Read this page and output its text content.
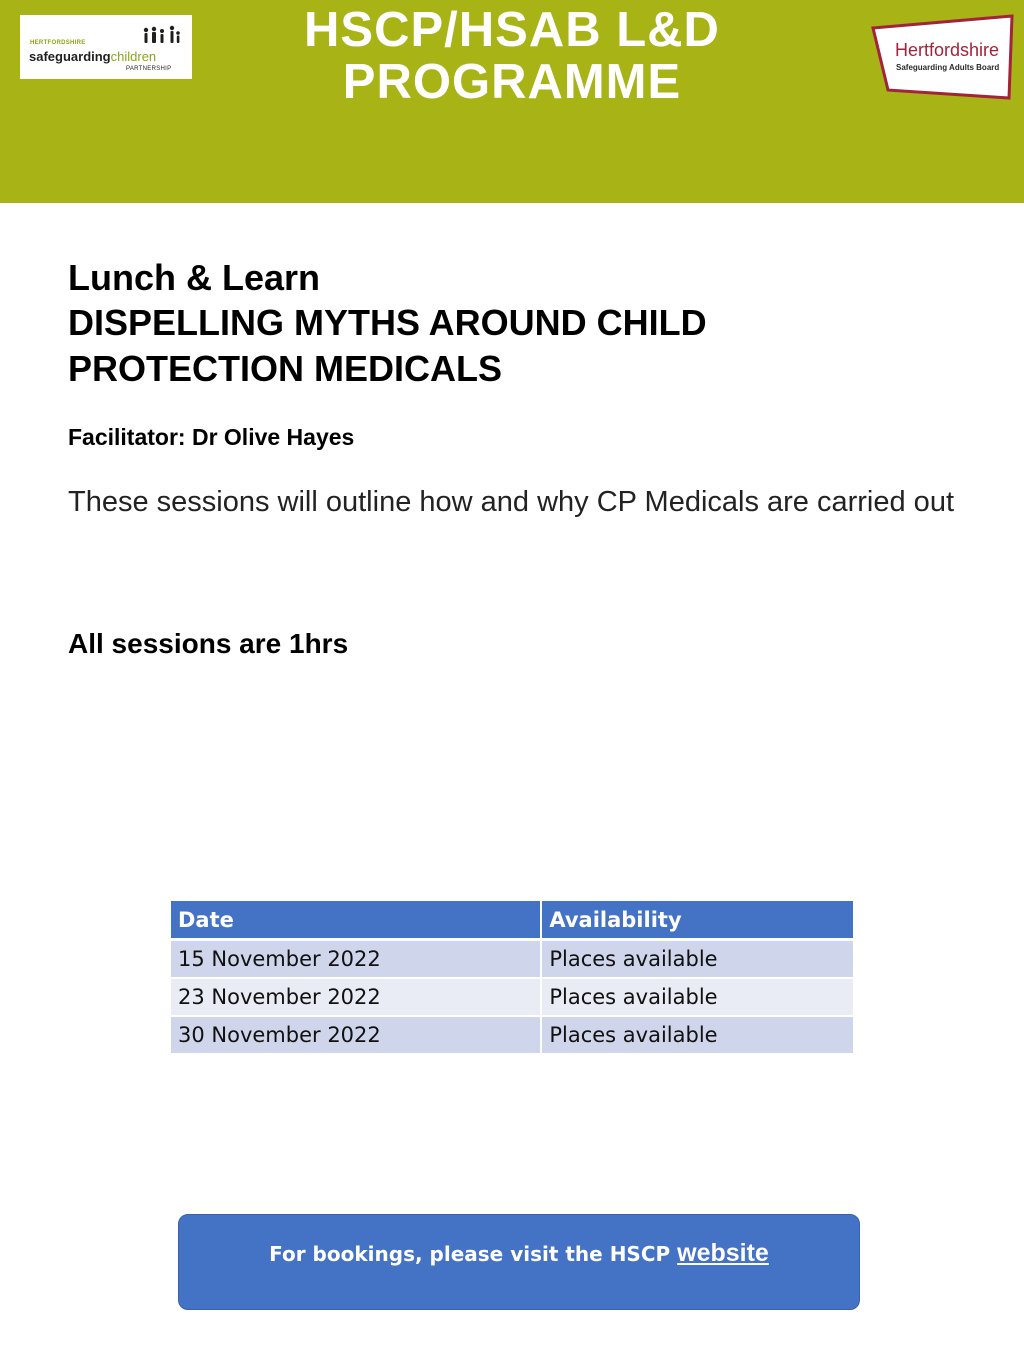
HERTFORDSHIRE
safeguardingchildren
PARTNERSHIP
HSCP/HSAB L&D
PROGRAMME
Hertfordshire
Safeguarding Adults Board

Lunch & Learn

DISPELLING MYTHS AROUND CHILD PROTECTION MEDICALS

Facilitator: Dr Olive Hayes
These sessions will outline how and why CP Medicals are carried out
All sessions are 1hrs
Date	Availability
15 November 2022	Places available
23 November 2022	Places available
30 November 2022	Places available
For bookings, please visit the HSCP website
